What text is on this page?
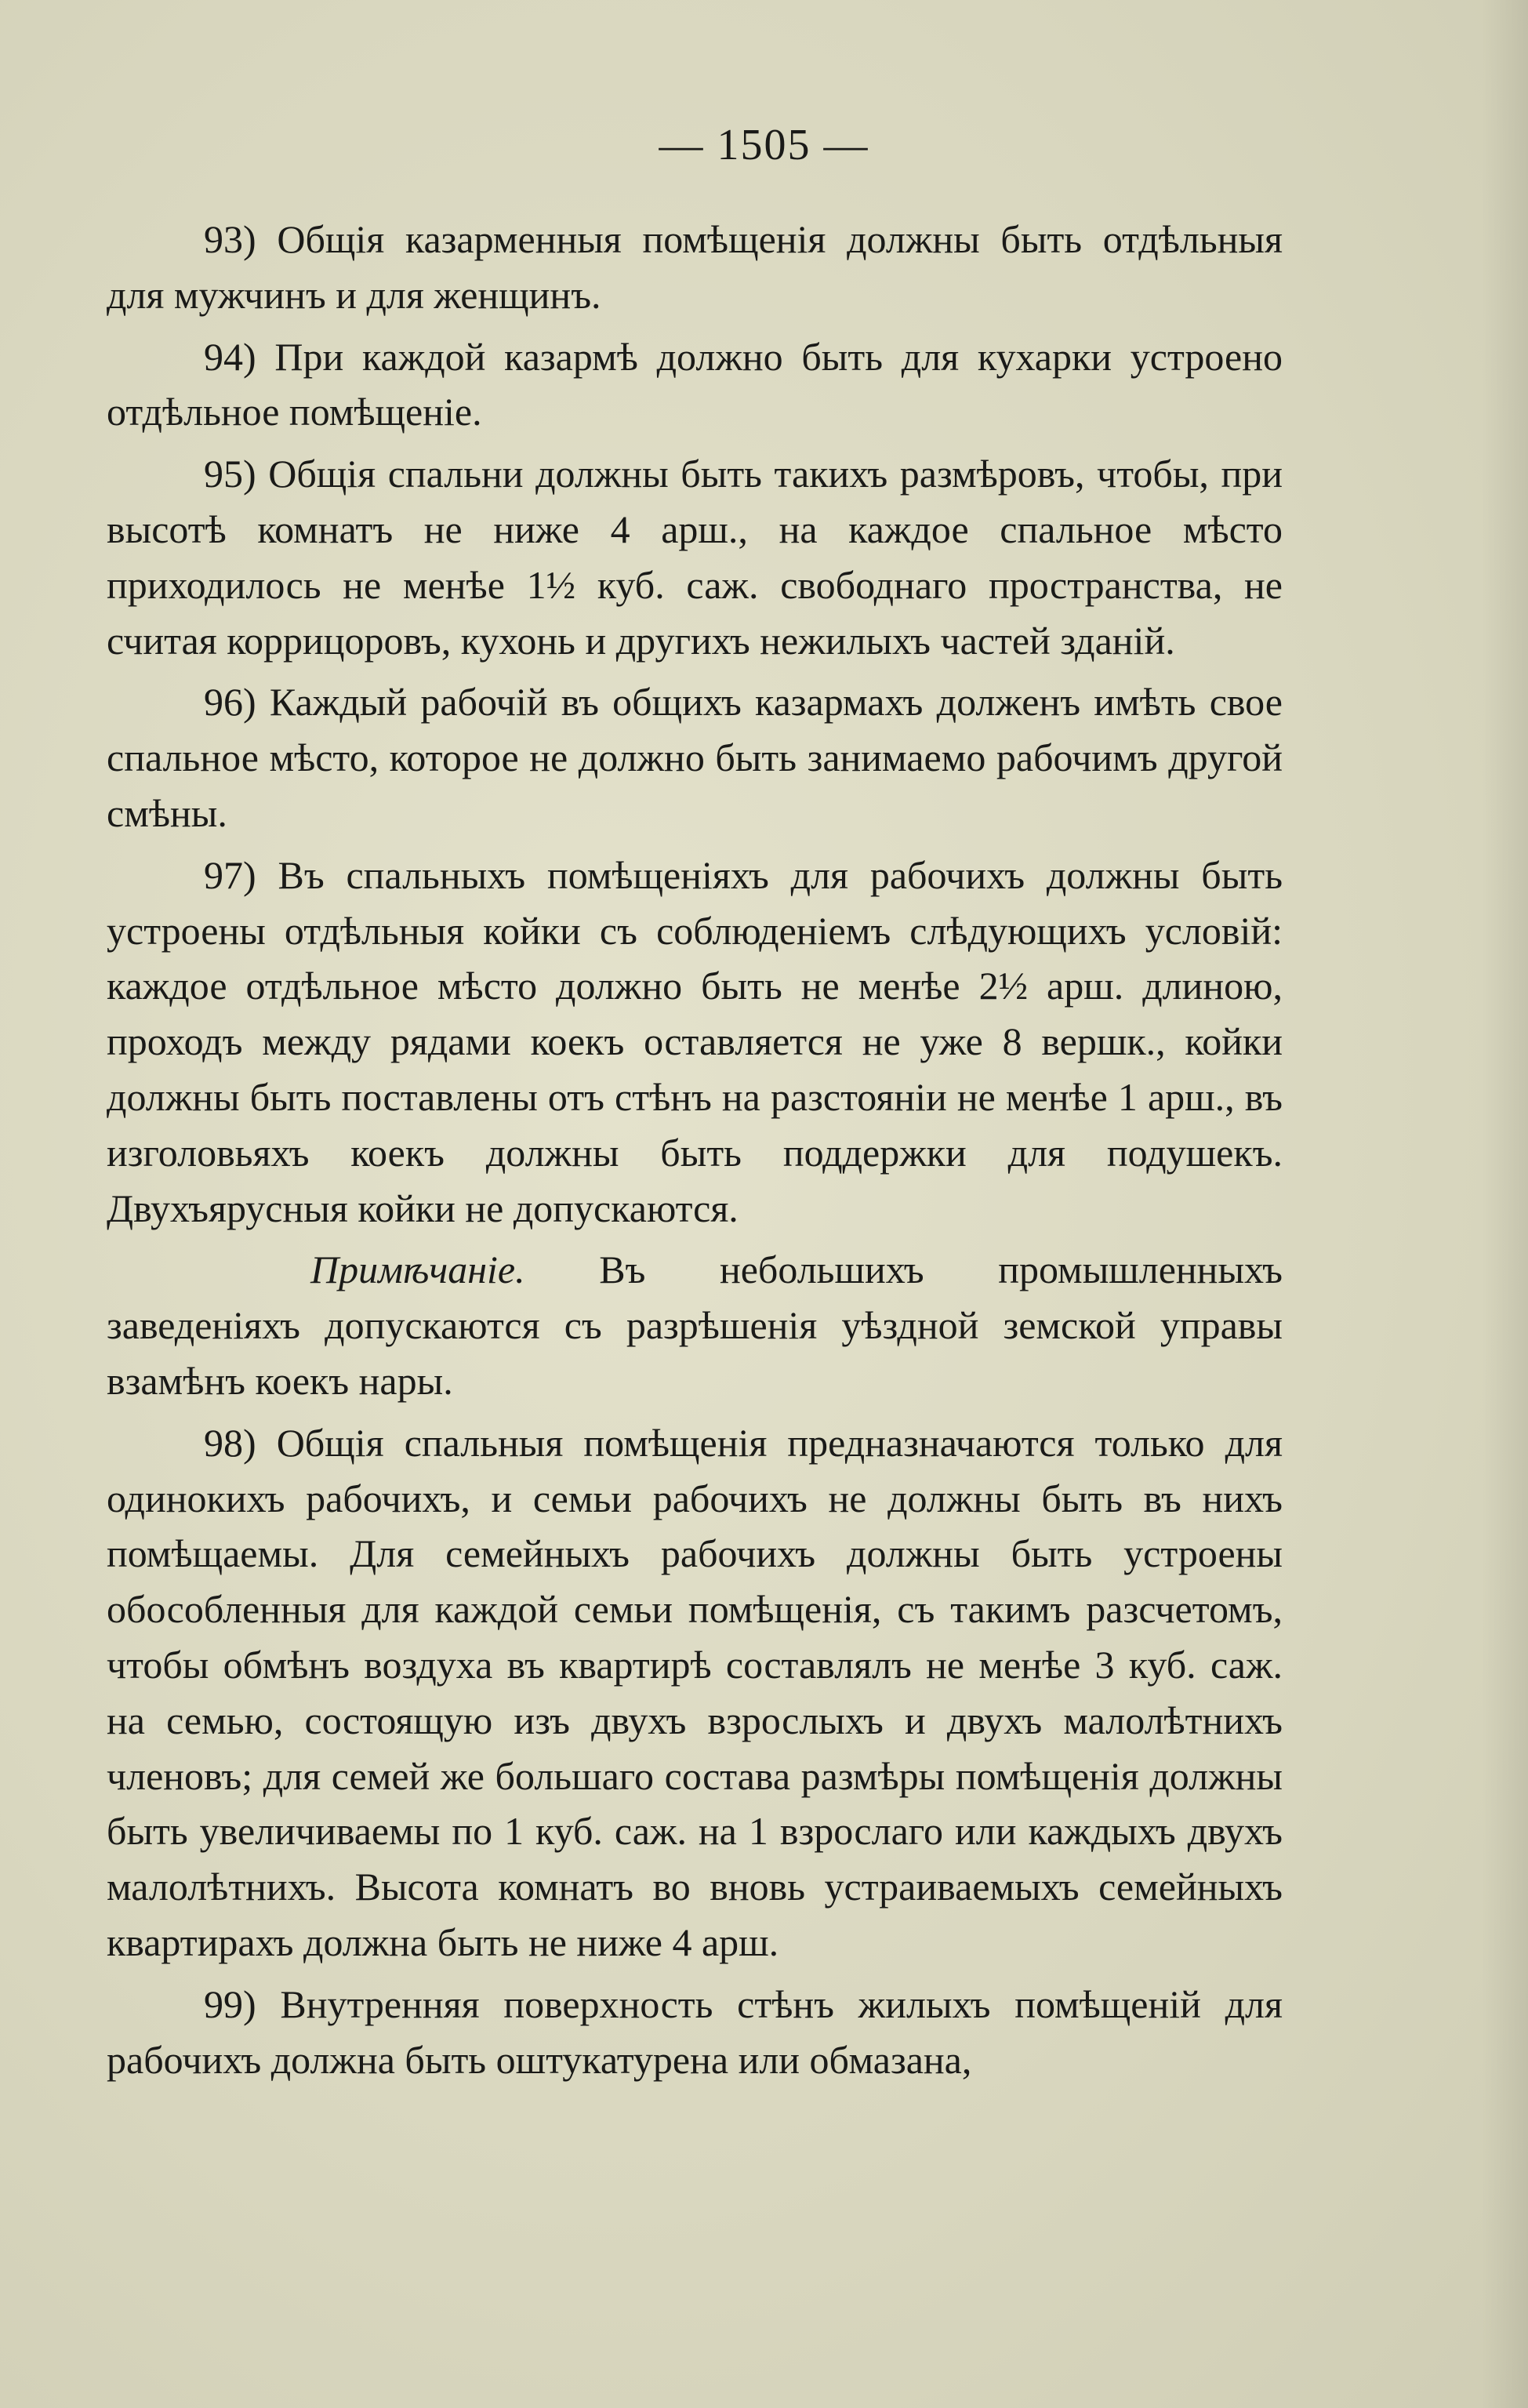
— 1505 —

93) Общія казарменныя помѣщенія должны быть отдѣльныя для мужчинъ и для женщинъ.

94) При каждой казармѣ должно быть для кухарки устроено отдѣльное помѣщеніе.

95) Общія спальни должны быть такихъ размѣровъ, чтобы, при высотѣ комнатъ не ниже 4 арш., на каждое спальное мѣсто приходилось не менѣе 1½ куб. саж. свободнаго пространства, не считая коррицоровъ, кухонь и другихъ нежилыхъ частей зданій.

96) Каждый рабочій въ общихъ казармахъ долженъ имѣть свое спальное мѣсто, которое не должно быть занимаемо рабочимъ другой смѣны.

97) Въ спальныхъ помѣщеніяхъ для рабочихъ должны быть устроены отдѣльныя койки съ соблюденіемъ слѣдующихъ условій: каждое отдѣльное мѣсто должно быть не менѣе 2½ арш. длиною, проходъ между рядами коекъ оставляется не уже 8 вершк., койки должны быть поставлены отъ стѣнъ на разстояніи не менѣе 1 арш., въ изголовьяхъ коекъ должны быть поддержки для подушекъ. Двухъярусныя койки не допускаются.

Примѣчаніе. Въ небольшихъ промышленныхъ заведеніяхъ допускаются съ разрѣшенія уѣздной земской управы взамѣнъ коекъ нары.

98) Общія спальныя помѣщенія предназначаются только для одинокихъ рабочихъ, и семьи рабочихъ не должны быть въ нихъ помѣщаемы. Для семейныхъ рабочихъ должны быть устроены обособленныя для каждой семьи помѣщенія, съ такимъ разсчетомъ, чтобы обмѣнъ воздуха въ квартирѣ составлялъ не менѣе 3 куб. саж. на семью, состоящую изъ двухъ взрослыхъ и двухъ малолѣтнихъ членовъ; для семей же большаго состава размѣры помѣщенія должны быть увеличиваемы по 1 куб. саж. на 1 взрослаго или каждыхъ двухъ малолѣтнихъ. Высота комнатъ во вновь устраиваемыхъ семейныхъ квартирахъ должна быть не ниже 4 арш.

99) Внутренняя поверхность стѣнъ жилыхъ помѣщеній для рабочихъ должна быть оштукатурена или обмазана,
